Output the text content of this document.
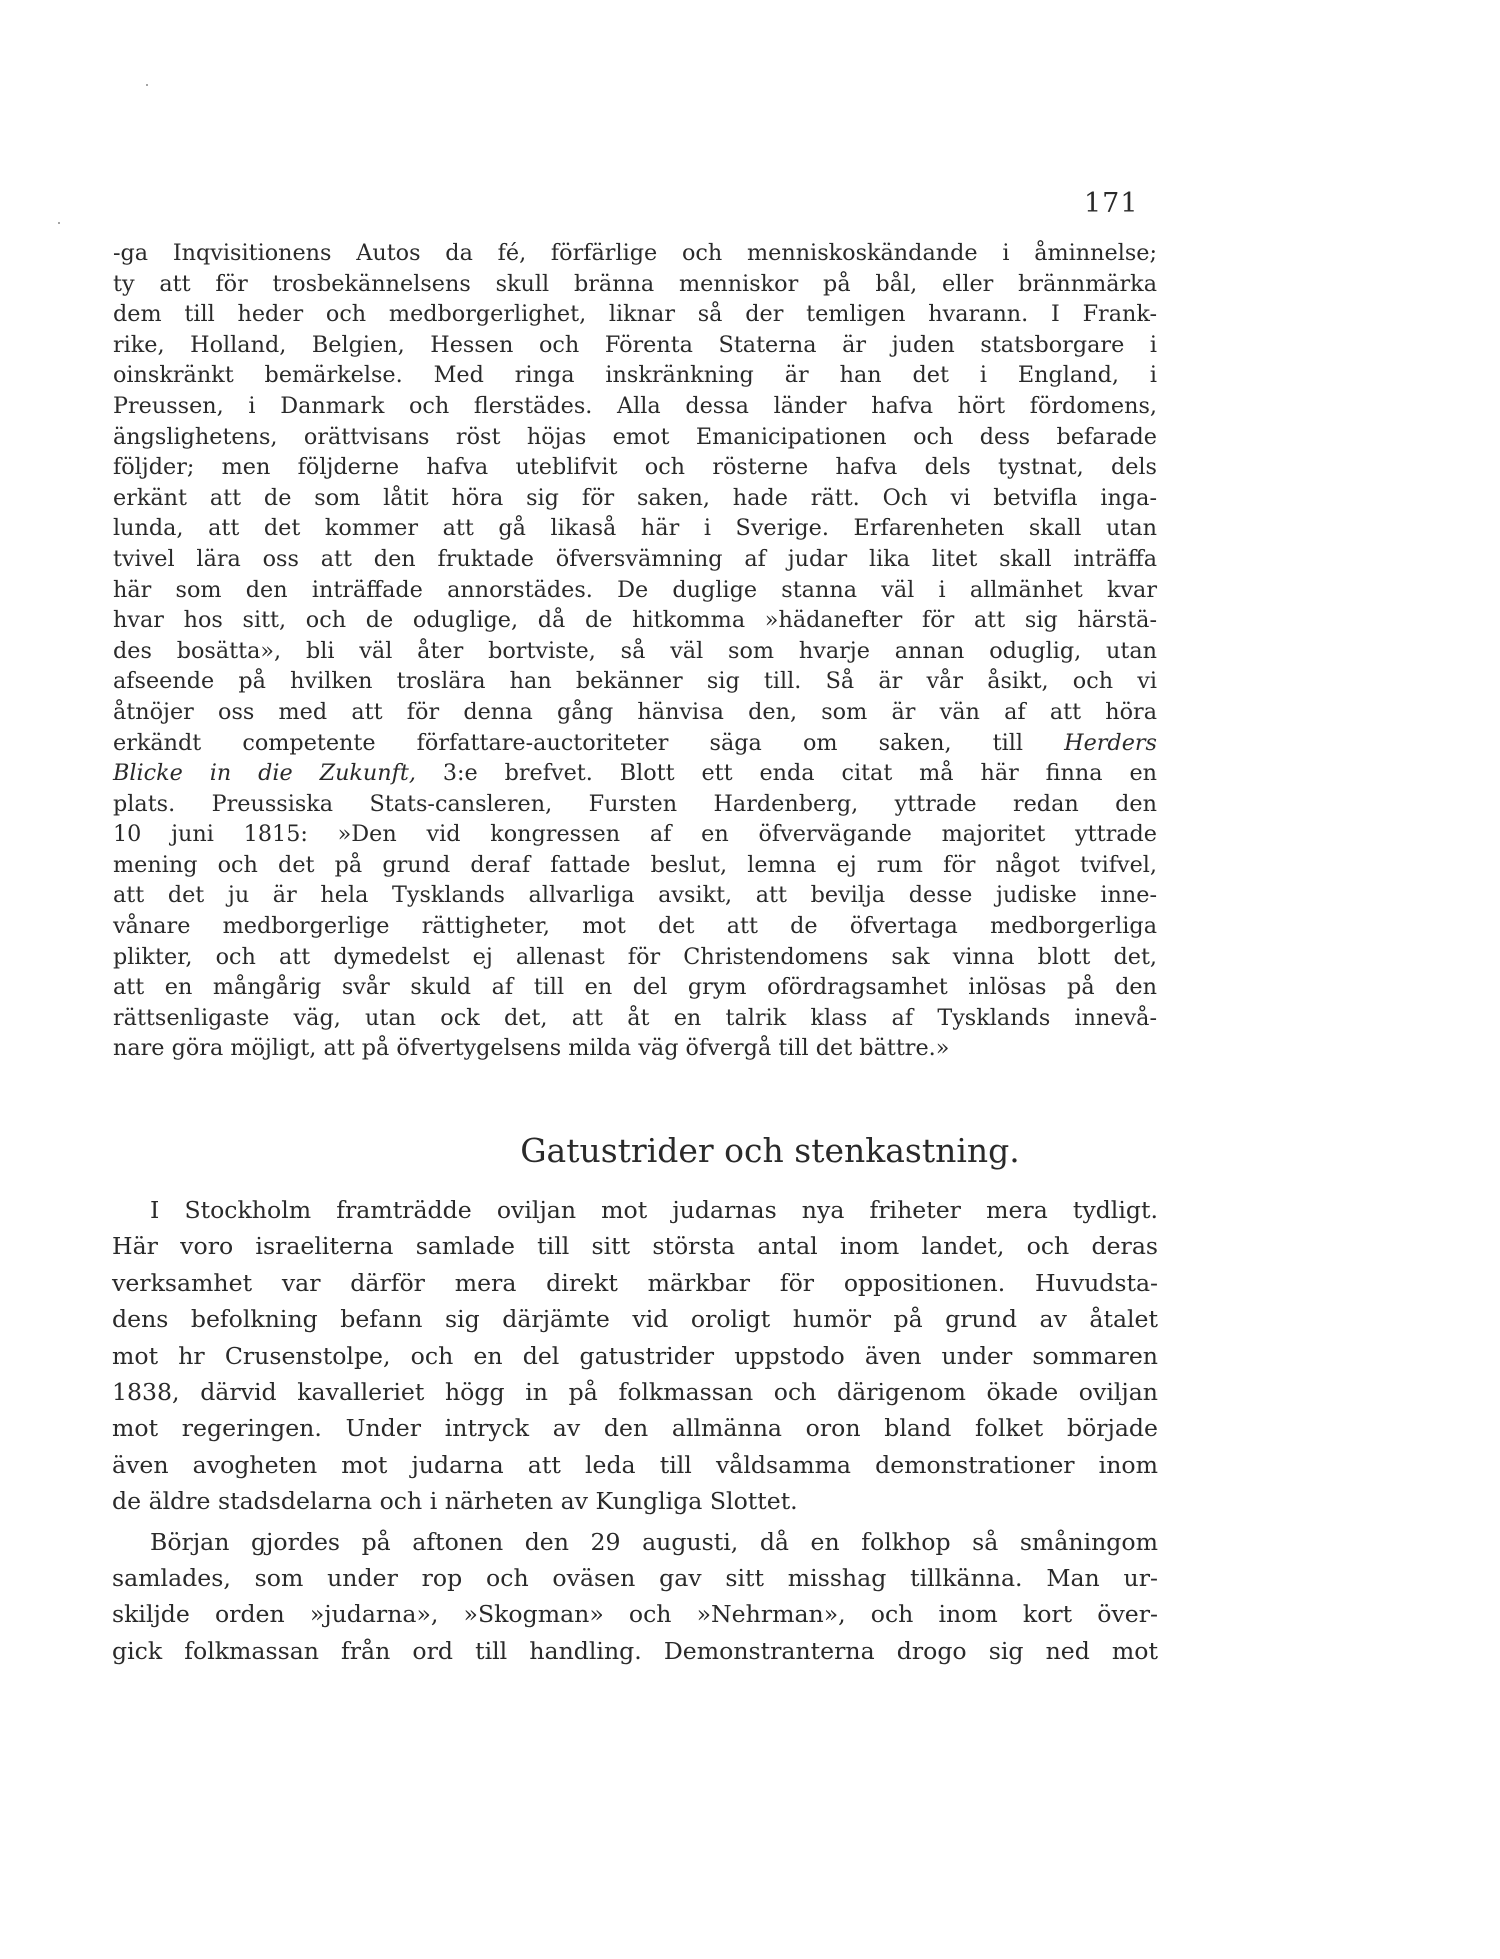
171
-ga Inqvisitionens Autos da fé, förfärlige och menniskoskändande i åminnelse;
ty att för trosbekännelsens skull bränna menniskor på bål, eller brännmärka
dem till heder och medborgerlighet, liknar så der temligen hvarann. I Frank-
rike, Holland, Belgien, Hessen och Förenta Staterna är juden statsborgare i
oinskränkt bemärkelse. Med ringa inskränkning är han det i England, i
Preussen, i Danmark och flerstädes. Alla dessa länder hafva hört fördomens,
ängslighetens, orättvisans röst höjas emot Emanicipationen och dess befarade
följder; men följderne hafva uteblifvit och rösterne hafva dels tystnat, dels
erkänt att de som låtit höra sig för saken, hade rätt. Och vi betvifla inga-
lunda, att det kommer att gå likaså här i Sverige. Erfarenheten skall utan
tvivel lära oss att den fruktade öfversvämning af judar lika litet skall inträffa
här som den inträffade annorstädes. De duglige stanna väl i allmänhet kvar
hvar hos sitt, och de oduglige, då de hitkomma »hädanefter för att sig härstä-
des bosätta», bli väl åter bortviste, så väl som hvarje annan oduglig, utan
afseende på hvilken troslära han bekänner sig till. Så är vår åsikt, och vi
åtnöjer oss med att för denna gång hänvisa den, som är vän af att höra
erkändt competente författare-auctoriteter säga om saken, till Herders
Blicke in die Zukunft, 3:e brefvet. Blott ett enda citat må här finna en
plats. Preussiska Stats-cansleren, Fursten Hardenberg, yttrade redan den
10 juni 1815: »Den vid kongressen af en öfvervägande majoritet yttrade
mening och det på grund deraf fattade beslut, lemna ej rum för något tvifvel,
att det ju är hela Tysklands allvarliga avsikt, att bevilja desse judiske inne-
vånare medborgerlige rättigheter, mot det att de öfvertaga medborgerliga
plikter, och att dymedelst ej allenast för Christendomens sak vinna blott det,
att en mångårig svår skuld af till en del grym ofördragsamhet inlösas på den
rättsenligaste väg, utan ock det, att åt en talrik klass af Tysklands innevå-
nare göra möjligt, att på öfvertygelsens milda väg öfvergå till det bättre.»
Gatustrider och stenkastning.
I Stockholm framträdde oviljan mot judarnas nya friheter mera tydligt.
Här voro israeliterna samlade till sitt största antal inom landet, och deras
verksamhet var därför mera direkt märkbar för oppositionen. Huvudsta-
dens befolkning befann sig därjämte vid oroligt humör på grund av åtalet
mot hr Crusenstolpe, och en del gatustrider uppstodo även under sommaren
1838, därvid kavalleriet högg in på folkmassan och därigenom ökade oviljan
mot regeringen. Under intryck av den allmänna oron bland folket började
även avogheten mot judarna att leda till våldsamma demonstrationer inom
de äldre stadsdelarna och i närheten av Kungliga Slottet.
Början gjordes på aftonen den 29 augusti, då en folkhop så småningom
samlades, som under rop och oväsen gav sitt misshag tillkänna. Man ur-
skiljde orden »judarna», »Skogman» och »Nehrman», och inom kort över-
gick folkmassan från ord till handling. Demonstranterna drogo sig ned mot
